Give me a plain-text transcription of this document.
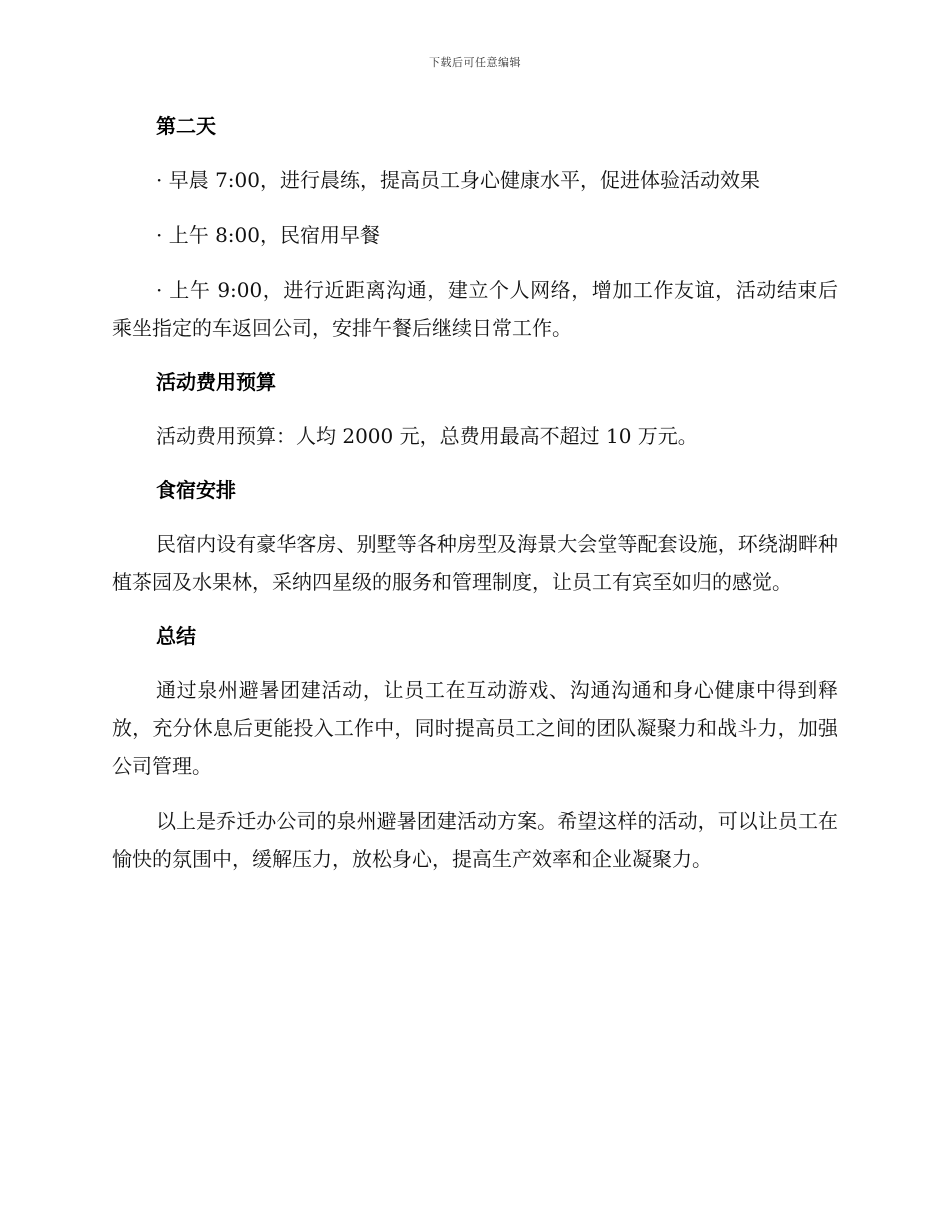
下载后可任意编辑
第二天

· 早晨 7:00，进行晨练，提高员工身心健康水平，促进体验活动效果

· 上午 8:00，民宿用早餐

· 上午 9:00，进行近距离沟通，建立个人网络，增加工作友谊，活动结束后乘坐指定的车返回公司，安排午餐后继续日常工作。

活动费用预算

活动费用预算：人均 2000 元，总费用最高不超过 10 万元。

食宿安排

民宿内设有豪华客房、别墅等各种房型及海景大会堂等配套设施，环绕湖畔种植茶园及水果林，采纳四星级的服务和管理制度，让员工有宾至如归的感觉。

总结

通过泉州避暑团建活动，让员工在互动游戏、沟通沟通和身心健康中得到释放，充分休息后更能投入工作中，同时提高员工之间的团队凝聚力和战斗力，加强公司管理。

以上是乔迁办公司的泉州避暑团建活动方案。希望这样的活动，可以让员工在愉快的氛围中，缓解压力，放松身心，提高生产效率和企业凝聚力。
